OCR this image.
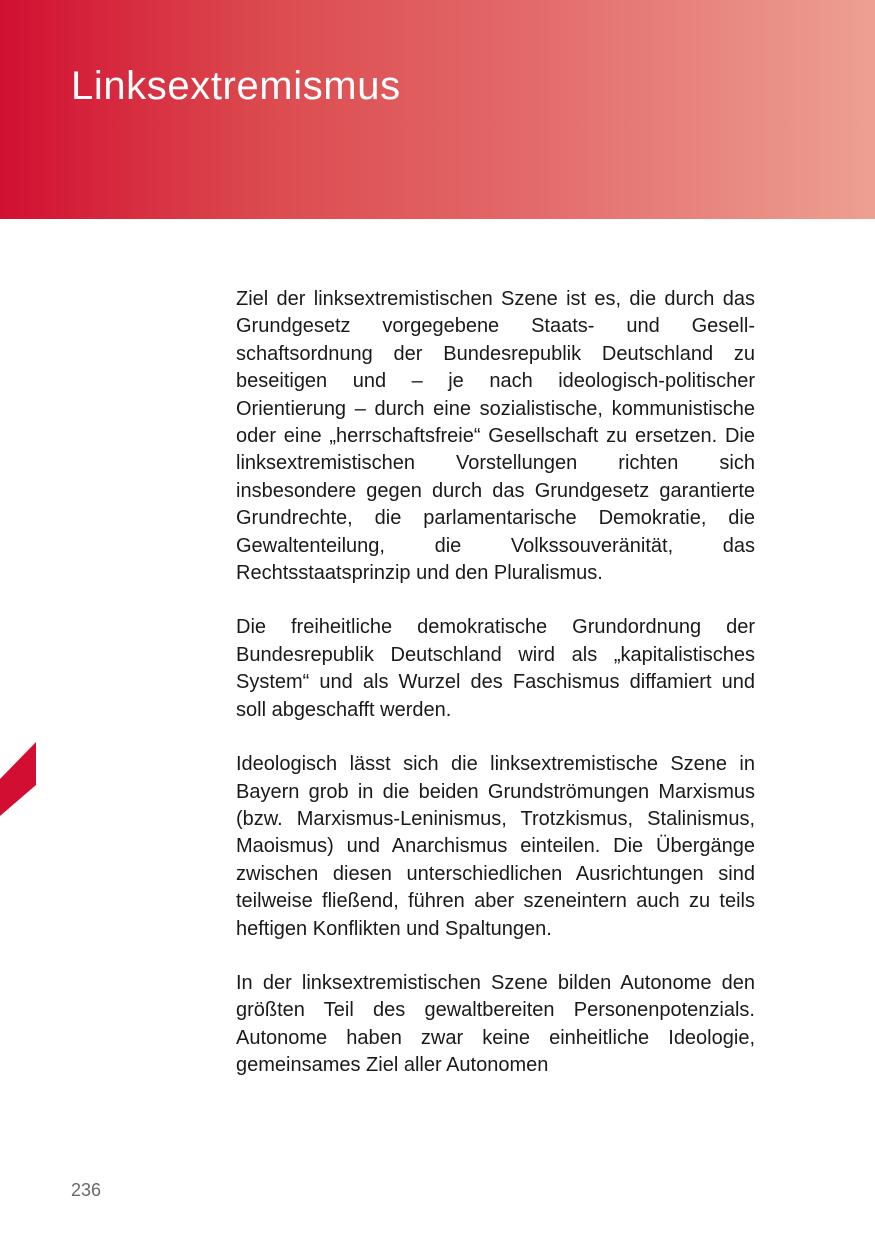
Linksextremismus

Ziel der linksextremistischen Szene ist es, die durch das Grundgesetz vorgegebene Staats- und Gesellschaftsordnung der Bundesrepublik Deutschland zu beseitigen und – je nach ideologisch-politischer Orientierung – durch eine sozialistische, kommunistische oder eine „herrschaftsfreie“ Gesellschaft zu ersetzen. Die linksextremistischen Vorstellungen richten sich insbesondere gegen durch das Grundgesetz garantierte Grundrechte, die parlamentarische Demokratie, die Gewaltenteilung, die Volkssouveränität, das Rechtsstaatsprinzip und den Pluralismus.

Die freiheitliche demokratische Grundordnung der Bundesrepublik Deutschland wird als „kapitalistisches System“ und als Wurzel des Faschismus diffamiert und soll abgeschafft werden.

Ideologisch lässt sich die linksextremistische Szene in Bayern grob in die beiden Grundströmungen Marxismus (bzw. Marxismus-Leninismus, Trotzkismus, Stalinismus, Maoismus) und Anarchismus einteilen. Die Übergänge zwischen diesen unterschiedlichen Ausrichtungen sind teilweise fließend, führen aber szeneintern auch zu teils heftigen Konflikten und Spaltungen.

In der linksextremistischen Szene bilden Autonome den größten Teil des gewaltbereiten Personenpotenzials. Autonome haben zwar keine einheitliche Ideologie, gemeinsames Ziel aller Autonomen

236
